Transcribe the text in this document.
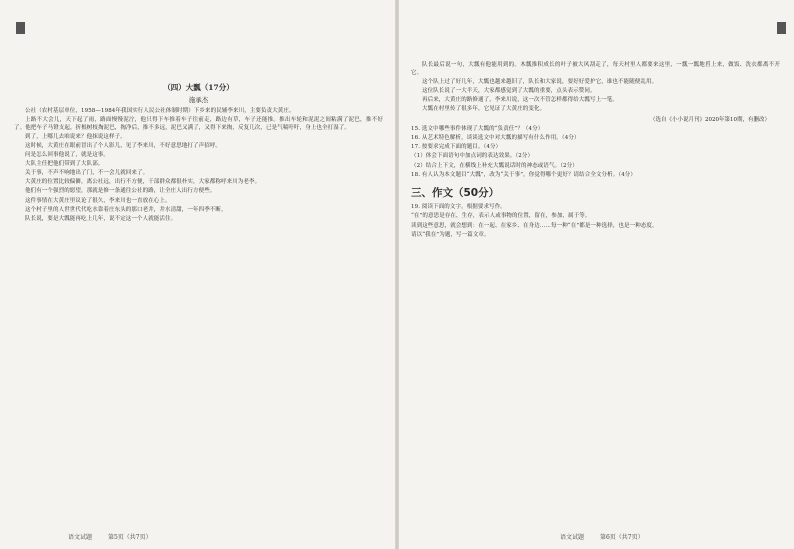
（四）大瓢（17分）
施承杰

公社（农村基层单位，1958—1984年我国实行人民公社体制时期）下乡来的民辅李来川，主要负责大黄庄。

上路不大会儿，天下起了雨，路面慢慢泥泞，他只得下车推着车子往前走，路边有草，车子还能推。推出车轮和泥泥之间粘满了泥巴，推不好了。他把车子马镫支起，折根树枝掏泥巴，掏净后，推不多远，泥巴又满了，又得下来掏，反复几次，已是气喘吁吁，身上也全打湿了。

到了，上哪儿去咱说来？他抹说这样子。

这时候，大黄庄在眼前冒出了个人影儿，见了李来川，不好意思地打了声招呼。

问是怎么回事他说了，就是这事。

大队主任把他们带到了大队部。

关于事，不声不响地出了门，不一会儿就回来了。

大黄庄的位置比较偏僻，离公社远，出行不方便，干部群众都很朴实，大家都称呼来川为老李。

他们有一个强烈的愿望，那就是修一条通往公社的路，让全庄人出行方便些。

这件事情在大黄庄里议论了很久，李来川也一直放在心上。

这个村子里的人世世代代吃水靠着庄东头的那口老井，井水清甜，一年四季不断。

队长说，要是大瓢能再吃上几年，说不定这一个人就能活住。

语文试题	第5页（共7页）

队长最后说一句，大瓢有他能用到的。木瓢推积成长的叶子被大风刮走了，每天村里人都要来这里，一瓢一瓢地舀上来，做饭、洗衣都离不开它。

这个队上过了好几年，大瓢也越来越旧了，队长和大家说，要好好爱护它，谁也不能随便乱用。

这位队长说了一大半天，大家都感觉到了大瓢的重要，点头表示赞同。

再后来，大黄庄的路修通了，李来川说，这一次不管怎样都得给大瓢写上一笔。

大瓢在村里传了很多年，它见证了大黄庄的变化。

（选自《小小说月刊》2020年第10期，有删改）

15. 选文中哪些事件体现了大瓢的“负责任”？（4分）

16. 从艺术特色解析，谈谈选文中对大瓢的描写有什么作用。（4分）

17. 按要求完成下面的题目。（4分）

（1）体会下面语句中加点词的表达效果。（2分）

（2）结合上下文，在横线上补充大瓢说话时的神态或语气。（2分）

18. 有人认为本文题目“大瓢”，改为“关于事”，你觉得哪个更好？请结合全文分析。（4分）

三、作文（50分）

19. 阅读下面的文字，根据要求写作。

“在”的意思是存在，生存，表示人或事物的位置，留在，参加，属于等。

读到这些意思，就会想到：在一起、在家乡、在身边……每一种“在”都是一种选择，也是一种态度。

请以“我在”为题，写一篇文章。

语文试题	第6页（共7页）
